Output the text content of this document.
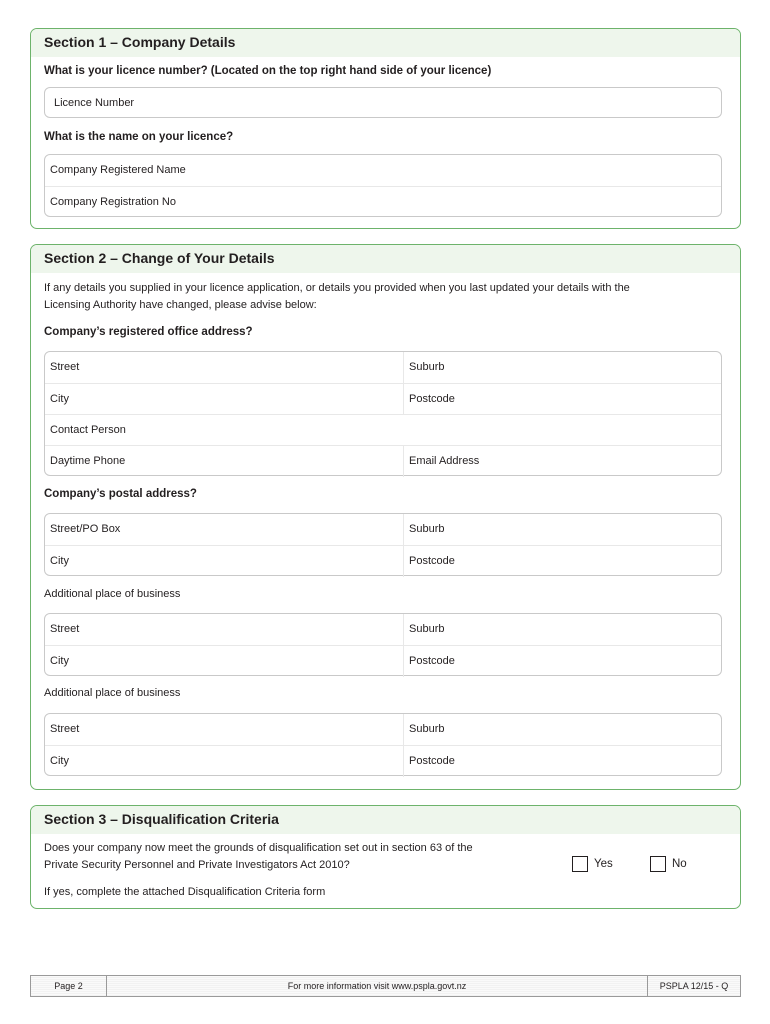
Section 1 – Company Details
What is your licence number? (Located on the top right hand side of your licence)
Licence Number
What is the name on your licence?
Company Registered Name
Company Registration No
Section 2 – Change of Your Details
If any details you supplied in your licence application, or details you provided when you last updated your details with the
Licensing Authority have changed, please advise below:
Company’s registered office address?
Street	Suburb
City	Postcode
Contact Person
Daytime Phone	Email Address
Company’s postal address?
Street/PO Box	Suburb
City	Postcode
Additional place of business
Street	Suburb
City	Postcode
Additional place of business
Street	Suburb
City	Postcode
Section 3 – Disqualification Criteria
Does your company now meet the grounds of disqualification set out in section 63 of the
Private Security Personnel and Private Investigators Act 2010?	Yes	No
If yes, complete the attached Disqualification Criteria form
Page 2	For more information visit www.pspla.govt.nz	PSPLA 12/15 - Q
